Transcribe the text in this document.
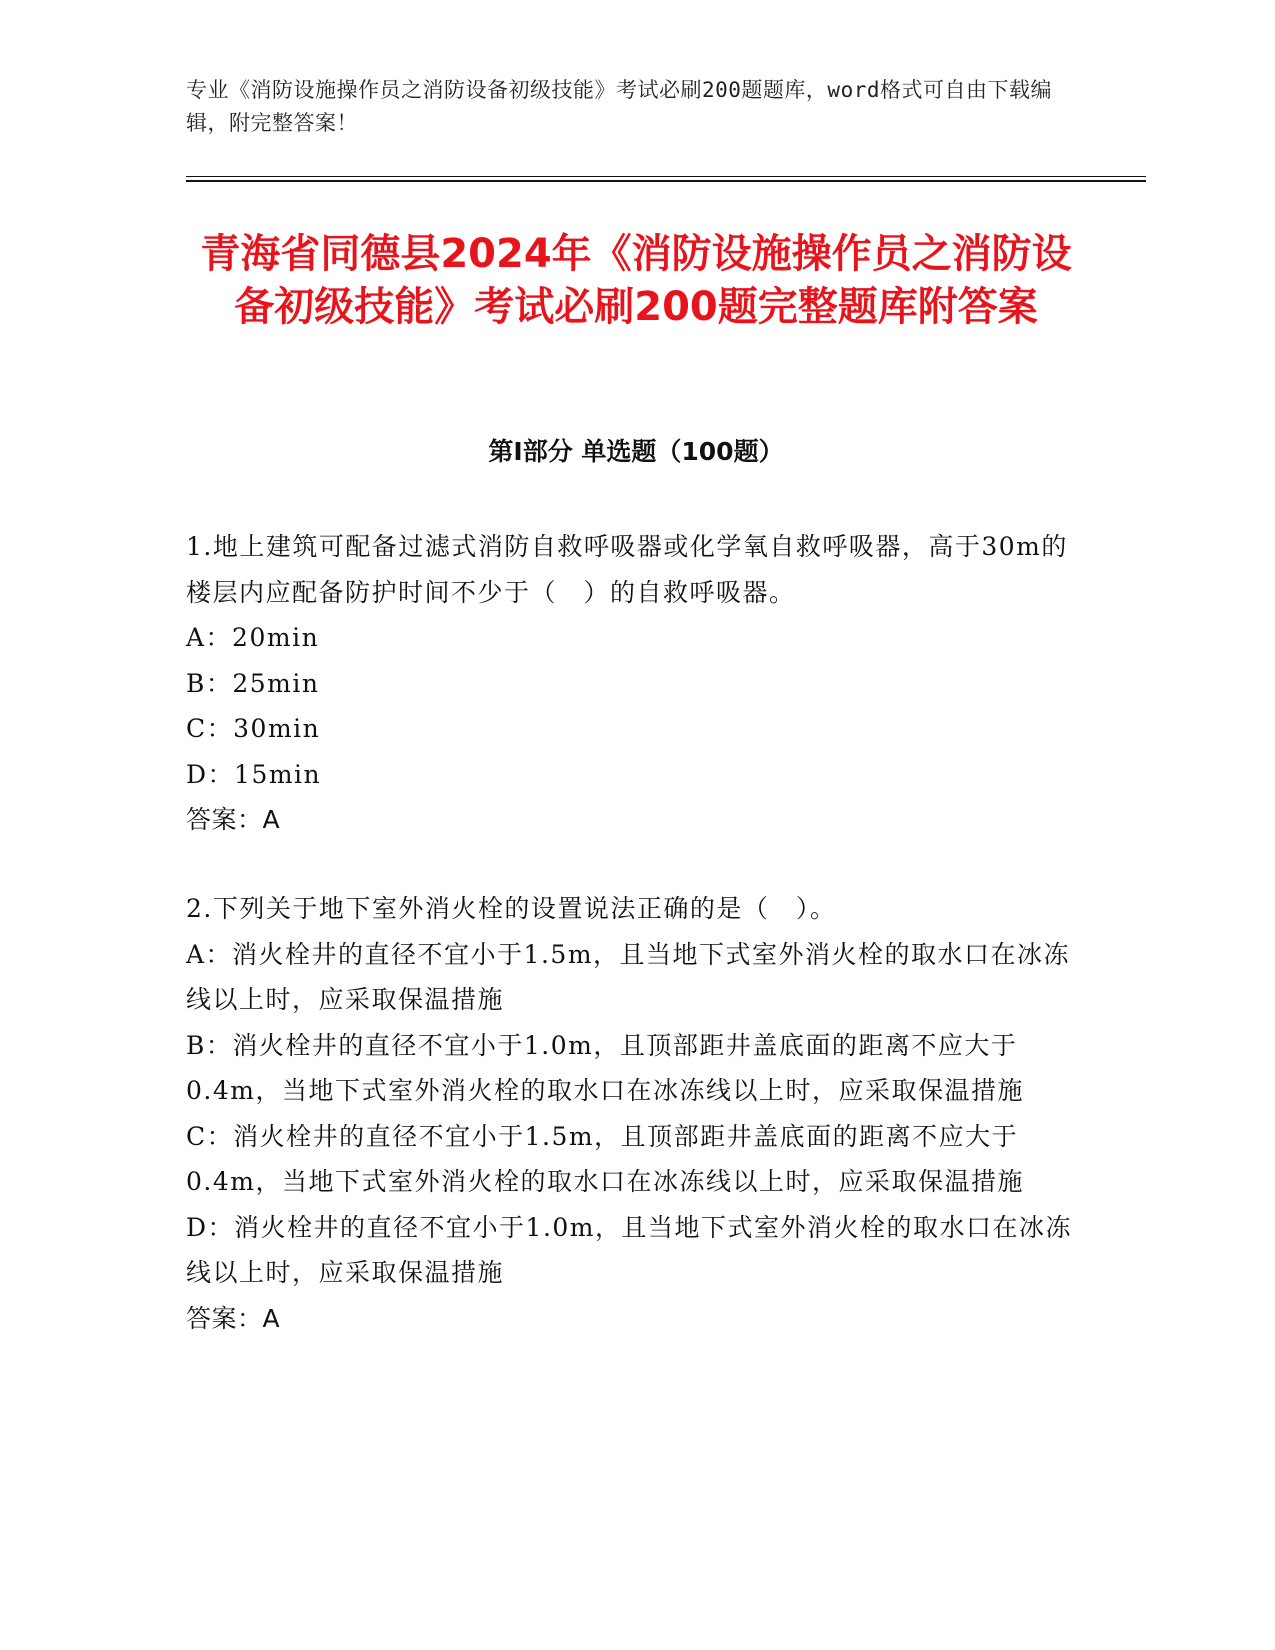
专业《消防设施操作员之消防设备初级技能》考试必刷200题题库，word格式可自由下载编辑，附完整答案！
青海省同德县2024年《消防设施操作员之消防设备初级技能》考试必刷200题完整题库附答案
第Ⅰ部分 单选题（100题）
1.地上建筑可配备过滤式消防自救呼吸器或化学氧自救呼吸器，高于30m的楼层内应配备防护时间不少于（　）的自救呼吸器。
A：20min
B：25min
C：30min
D：15min
答案：A
2.下列关于地下室外消火栓的设置说法正确的是（　）。
A：消火栓井的直径不宜小于1.5m，且当地下式室外消火栓的取水口在冰冻线以上时，应采取保温措施
B：消火栓井的直径不宜小于1.0m，且顶部距井盖底面的距离不应大于0.4m，当地下式室外消火栓的取水口在冰冻线以上时，应采取保温措施
C：消火栓井的直径不宜小于1.5m，且顶部距井盖底面的距离不应大于0.4m，当地下式室外消火栓的取水口在冰冻线以上时，应采取保温措施
D：消火栓井的直径不宜小于1.0m，且当地下式室外消火栓的取水口在冰冻线以上时，应采取保温措施
答案：A
